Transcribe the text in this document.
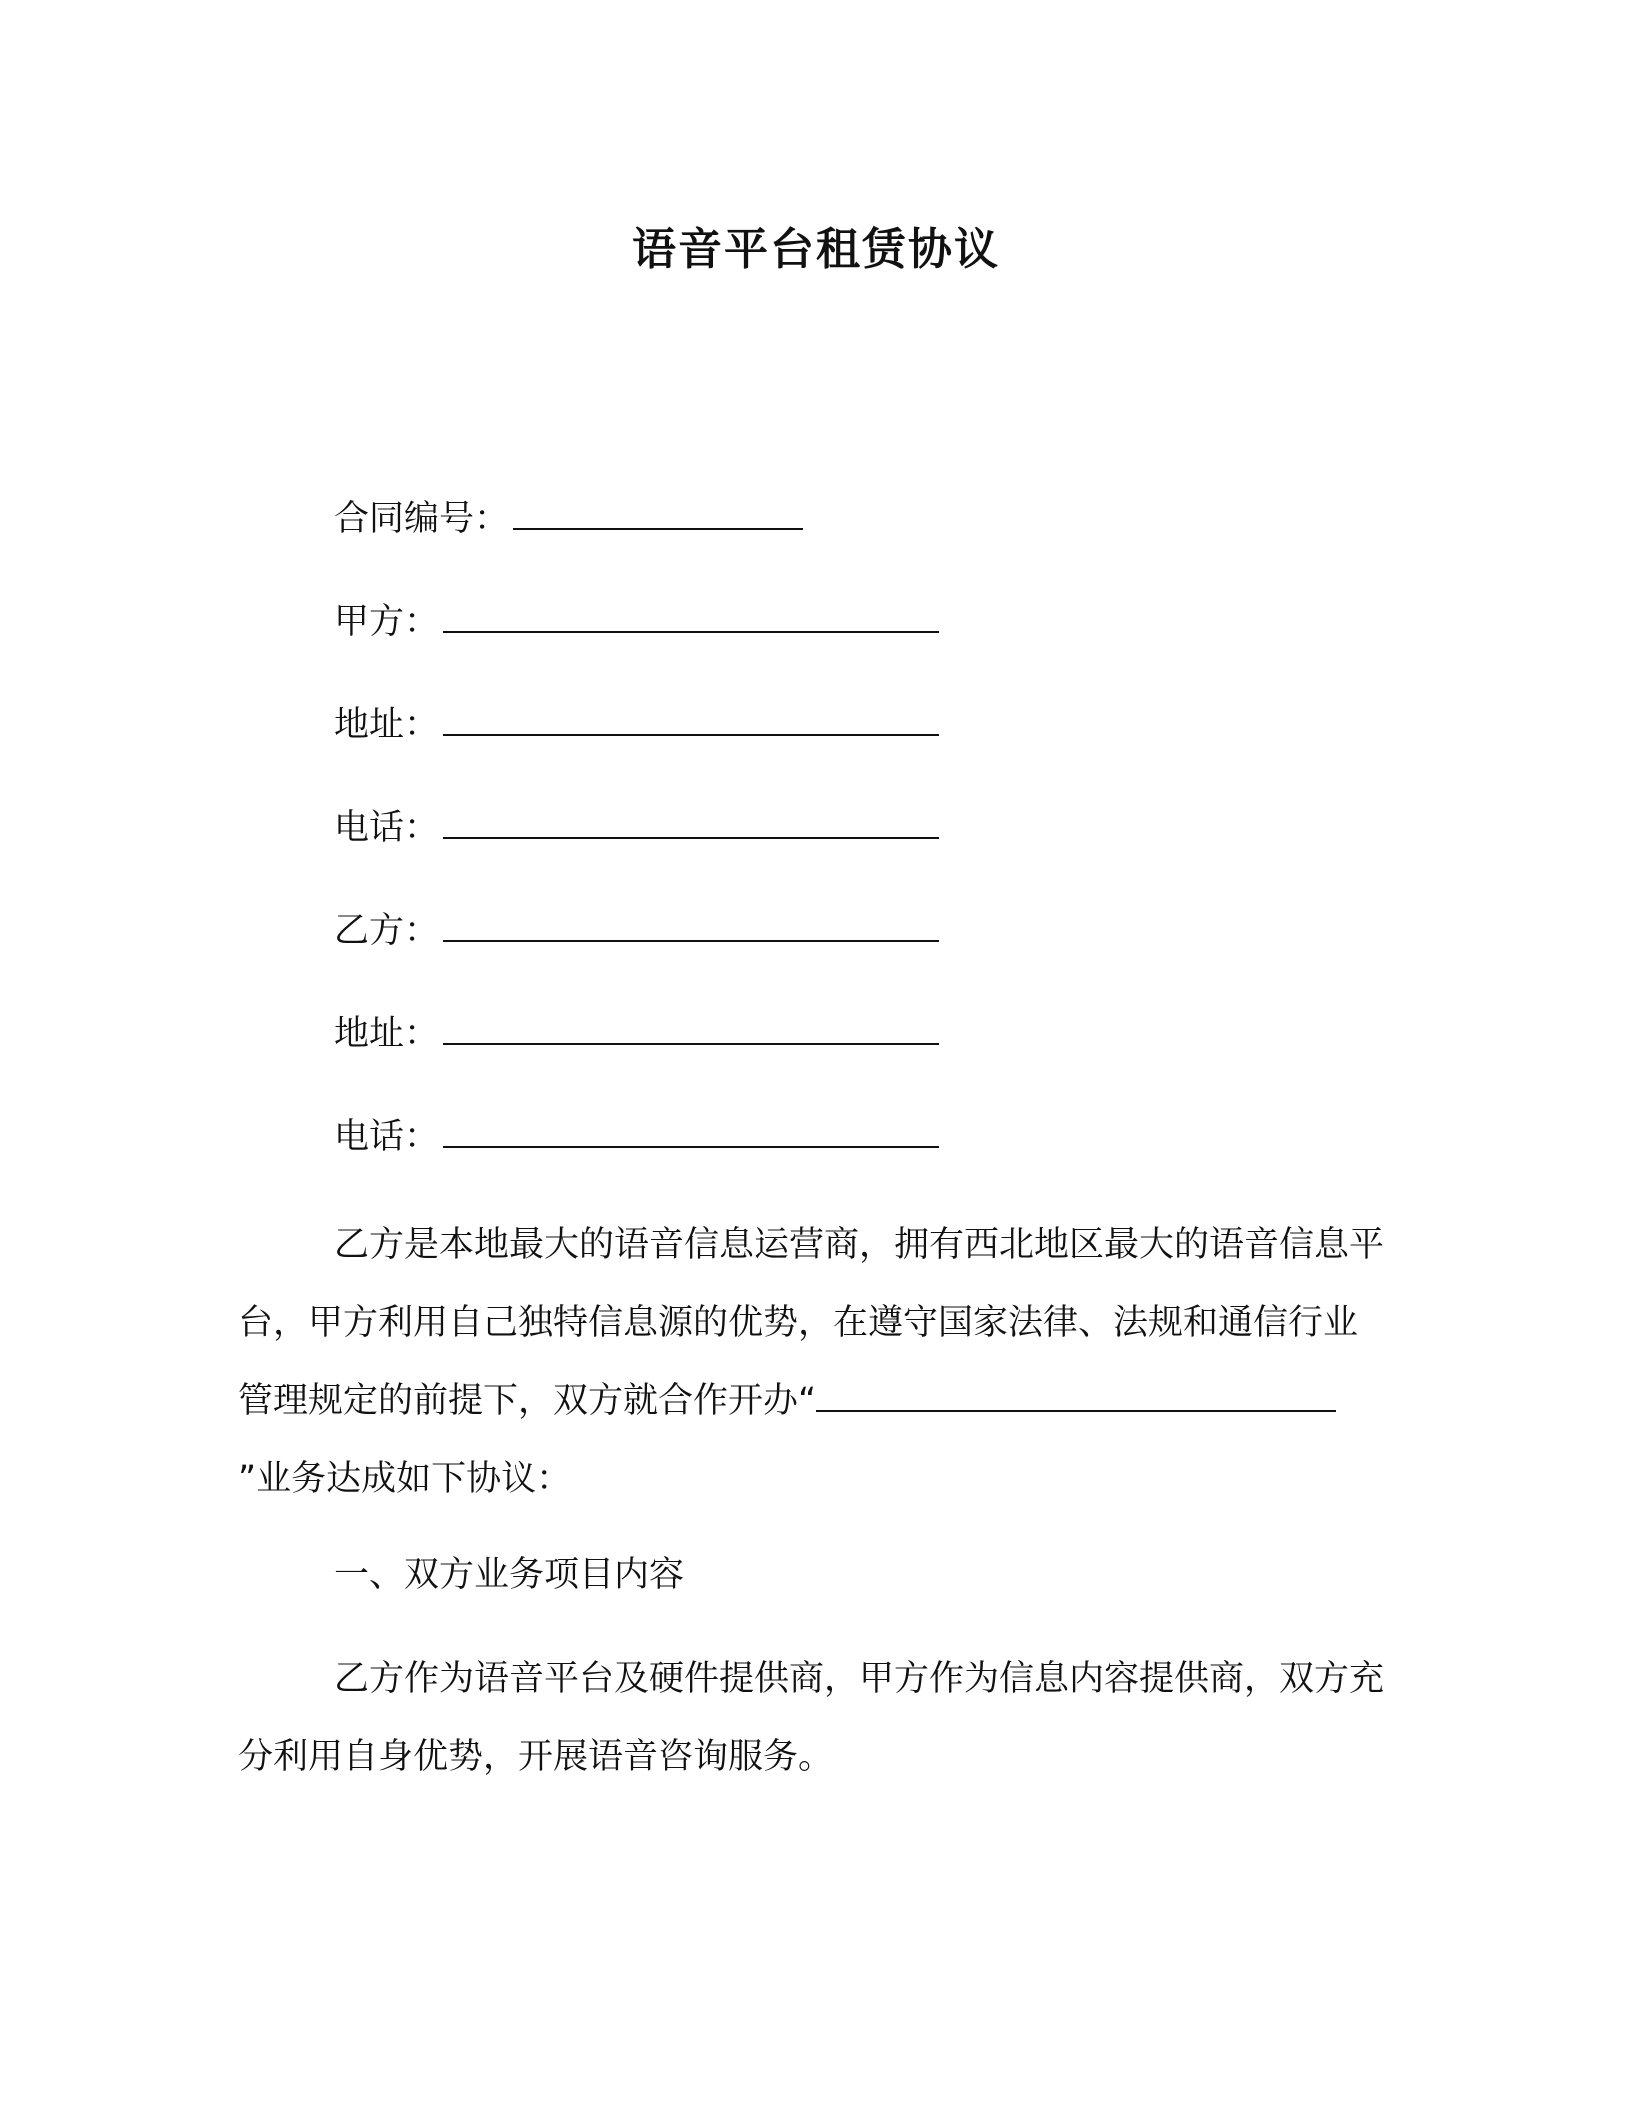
语音平台租赁协议
合同编号：
甲方：
地址：
电话：
乙方：
地址：
电话：

乙方是本地最大的语音信息运营商，拥有西北地区最大的语音信息平台，甲方利用自己独特信息源的优势，在遵守国家法律、法规和通信行业管理规定的前提下，双方就合作开办“”业务达成如下协议：

一、双方业务项目内容

乙方作为语音平台及硬件提供商，甲方作为信息内容提供商，双方充分利用自身优势，开展语音咨询服务。
